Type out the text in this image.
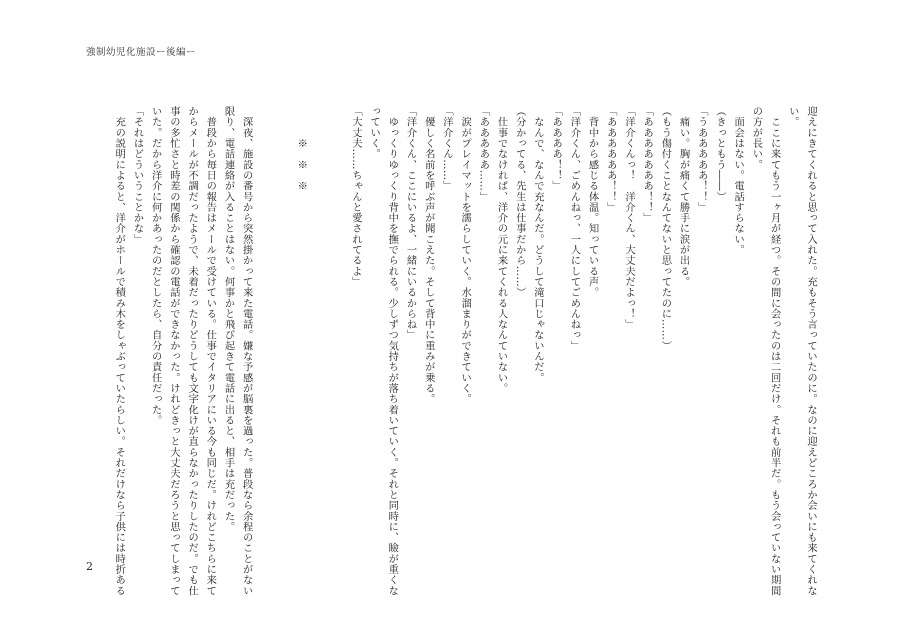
強制幼児化施設ー後編ー
迎えにきてくれると思って入れた。充もそう言っていたのに。なのに迎えどころか会いにも来てくれな
い。
　ここに来てもう一ヶ月が経つ。その間に会ったのは二回だけ。それも前半だ。もう会っていない期間
の方が長い。
　面会はない。電話すらない。
（きっともう――）
「うあああああ！！」
　痛い。胸が痛くて勝手に涙が出る。
（もう傷付くことなんてないと思ってたのに……）
「あああああああ！！」
「洋介くんっ！　洋介くん、大丈夫だよっ！」
「ああああああ！！」
　背中から感じる体温。知っている声。
「洋介くん、ごめんねっ、一人にしてごめんねっ」
「ああああ！！」
　なんで、なんで充なんだ。どうして滝口じゃないんだ。
（分かってる、先生は仕事だから……）
　仕事でなければ、洋介の元に来てくれる人なんていない。
「あああああ……」
　涙がプレイマットを濡らしていく。水溜まりができていく。
「洋介くん……」
　優しく名前を呼ぶ声が聞こえた。そして背中に重みが乗る。
「洋介くん、ここにいるよ、一緒にいるからね」
　ゆっくりゆっくり背中を撫でられる。少しずつ気持ちが落ち着いていく。それと同時に、瞼が重くな
っていく。
「大丈夫……ちゃんと愛されてるよ」

　　　※　※　※

　深夜、施設の番号から突然掛かって来た電話。嫌な予感が脳裏を過った。普段なら余程のことがない
限り、電話連絡が入ることはない。何事かと飛び起きて電話に出ると、相手は充だった。
　普段から毎日の報告はメールで受けている。仕事でイタリアにいる今も同じだ。けれどこちらに来て
からメールが不調だったようで、未着だったりどうしても文字化けが直らなかったりしたのだ。でも仕
事の多忙さと時差の関係から確認の電話ができなかった。けれどきっと大丈夫だろうと思ってしまって
いた。だから洋介に何かあったのだとしたら、自分の責任だった。
「それはどういうことかな」
　充の説明によると、洋介がホールで積み木をしゃぶっていたらしい。それだけなら子供には時折ある
2
